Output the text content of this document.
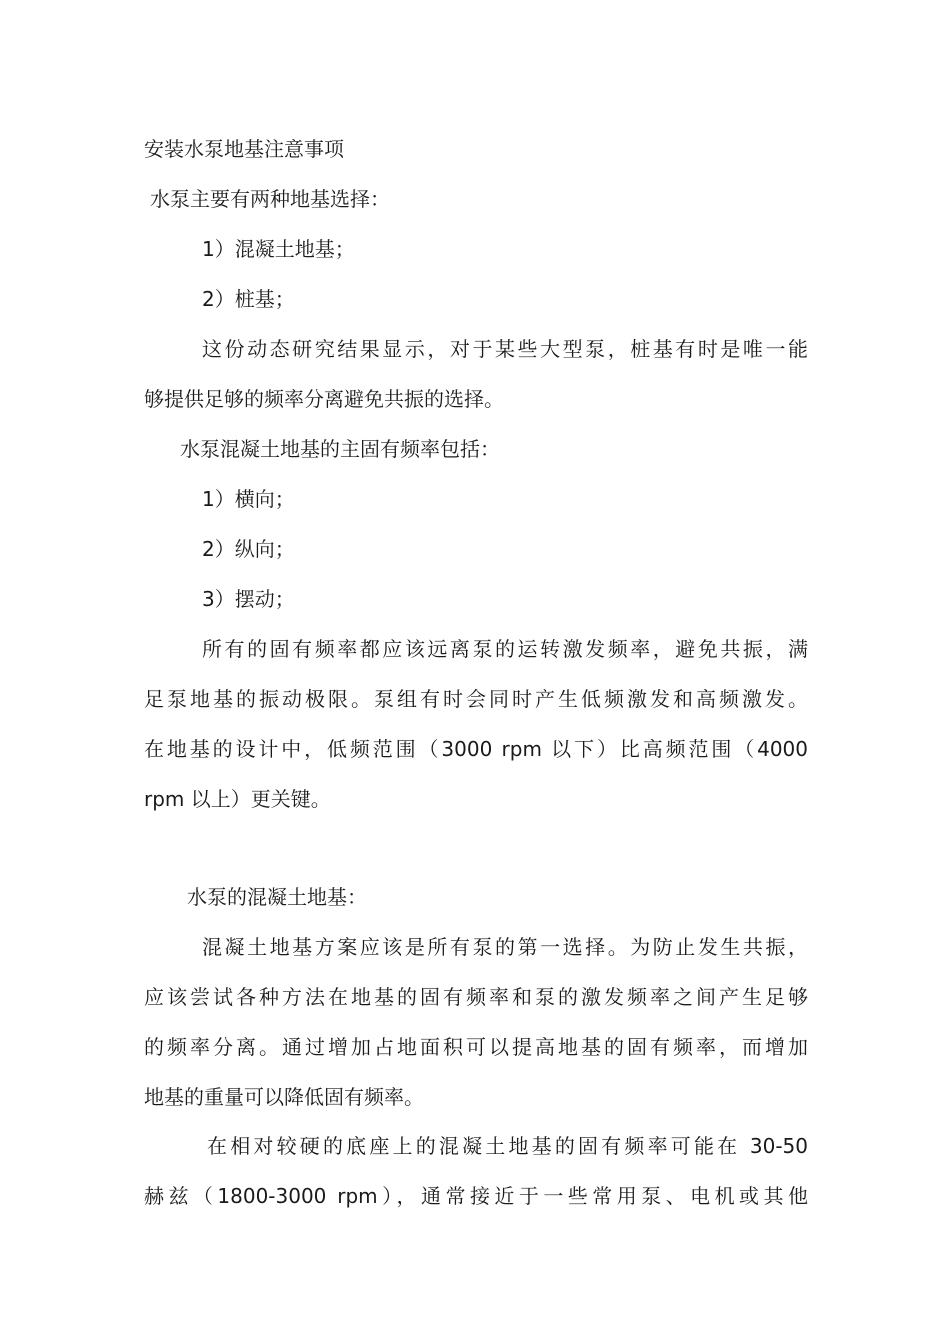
安装水泵地基注意事项
水泵主要有两种地基选择：
1）混凝土地基；
2）桩基；
这份动态研究结果显示，对于某些大型泵，桩基有时是唯一能
够提供足够的频率分离避免共振的选择。
水泵混凝土地基的主固有频率包括：
1）横向；
2）纵向；
3）摆动；
所有的固有频率都应该远离泵的运转激发频率，避免共振，满
足泵地基的振动极限。泵组有时会同时产生低频激发和高频激发。
在地基的设计中，低频范围（3000 rpm 以下）比高频范围（4000
rpm 以上）更关键。
水泵的混凝土地基：
混凝土地基方案应该是所有泵的第一选择。为防止发生共振，
应该尝试各种方法在地基的固有频率和泵的激发频率之间产生足够
的频率分离。通过增加占地面积可以提高地基的固有频率，而增加
地基的重量可以降低固有频率。
在相对较硬的底座上的混凝土地基的固有频率可能在 30-50
赫兹（1800-3000 rpm），通常接近于一些常用泵、电机或其他
